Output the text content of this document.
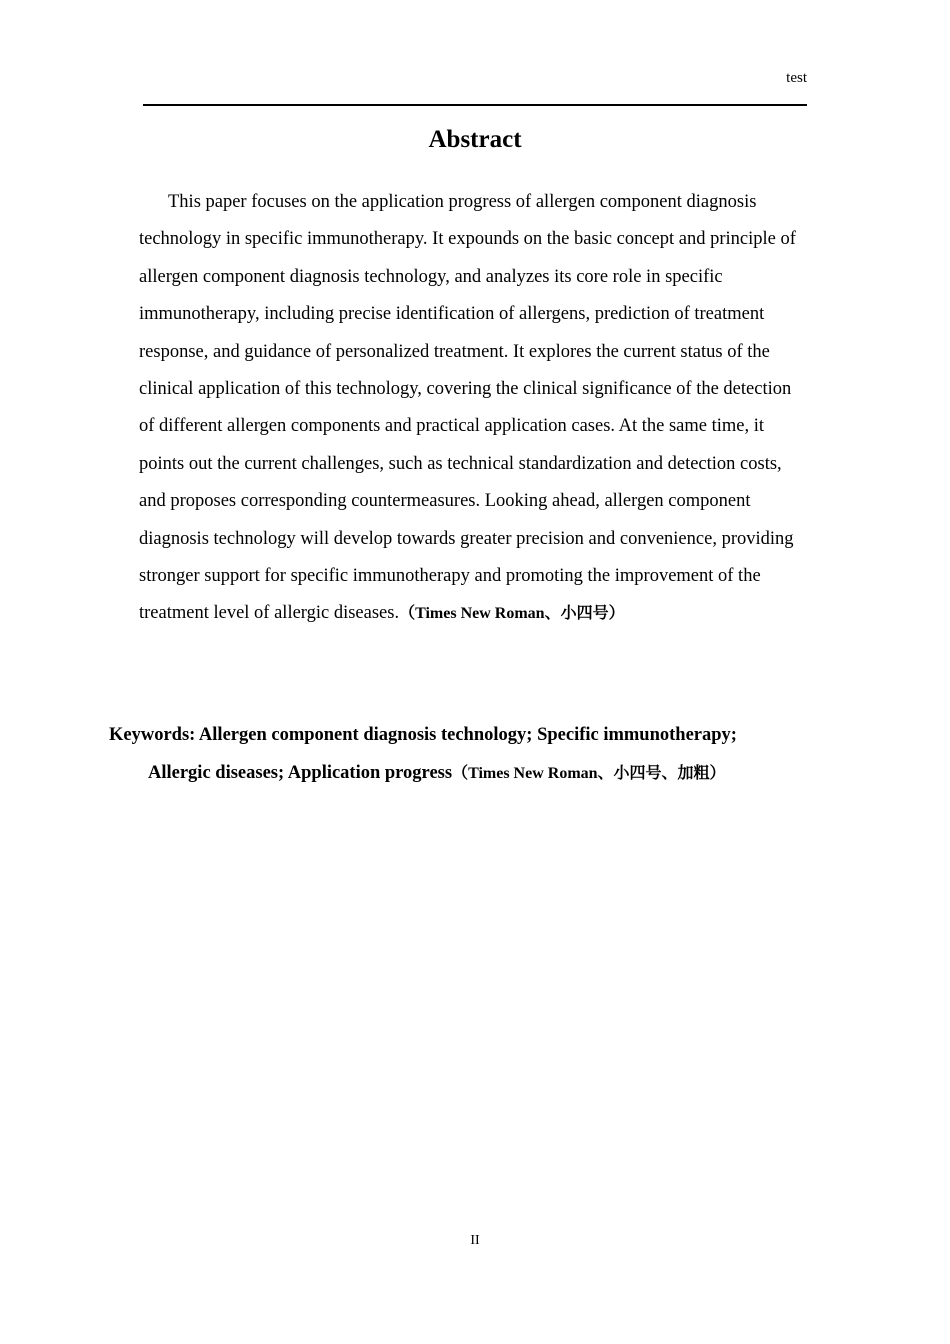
test
Abstract

This paper focuses on the application progress of allergen component diagnosis technology in specific immunotherapy. It expounds on the basic concept and principle of allergen component diagnosis technology, and analyzes its core role in specific immunotherapy, including precise identification of allergens, prediction of treatment response, and guidance of personalized treatment. It explores the current status of the clinical application of this technology, covering the clinical significance of the detection of different allergen components and practical application cases. At the same time, it points out the current challenges, such as technical standardization and detection costs, and proposes corresponding countermeasures. Looking ahead, allergen component diagnosis technology will develop towards greater precision and convenience, providing stronger support for specific immunotherapy and promoting the improvement of the treatment level of allergic diseases.（Times New Roman、小四号）

Keywords: Allergen component diagnosis technology; Specific immunotherapy;
Allergic diseases; Application progress（Times New Roman、小四号、加粗）

II
